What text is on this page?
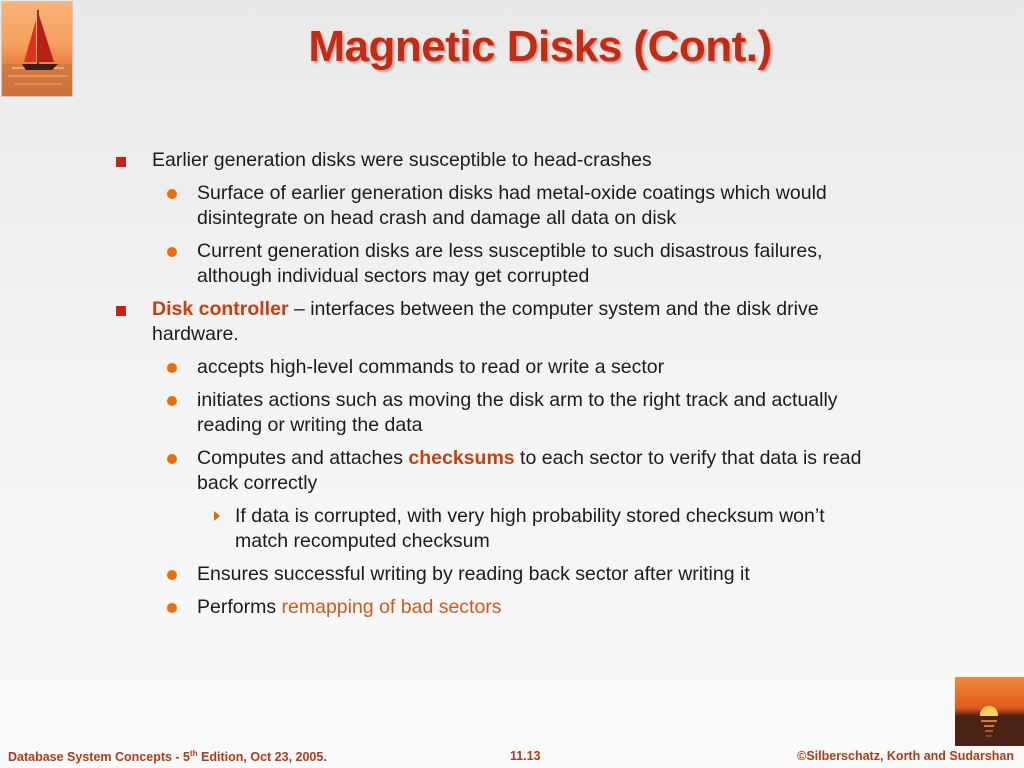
Magnetic Disks (Cont.)
Earlier generation disks were susceptible to head-crashes
Surface of earlier generation disks had metal-oxide coatings which would disintegrate on head crash and damage all data on disk
Current generation disks are less susceptible to such disastrous failures, although individual sectors may get corrupted
Disk controller – interfaces between the computer system and the disk drive hardware.
accepts high-level commands to read or write a sector
initiates actions such as moving the disk arm to the right track and actually reading or writing the data
Computes and attaches checksums to each sector to verify that data is read back correctly
If data is corrupted, with very high probability stored checksum won’t match recomputed checksum
Ensures successful writing by reading back sector after writing it
Performs remapping of bad sectors
Database System Concepts - 5th Edition, Oct 23, 2005.	11.13	©Silberschatz, Korth and Sudarshan
